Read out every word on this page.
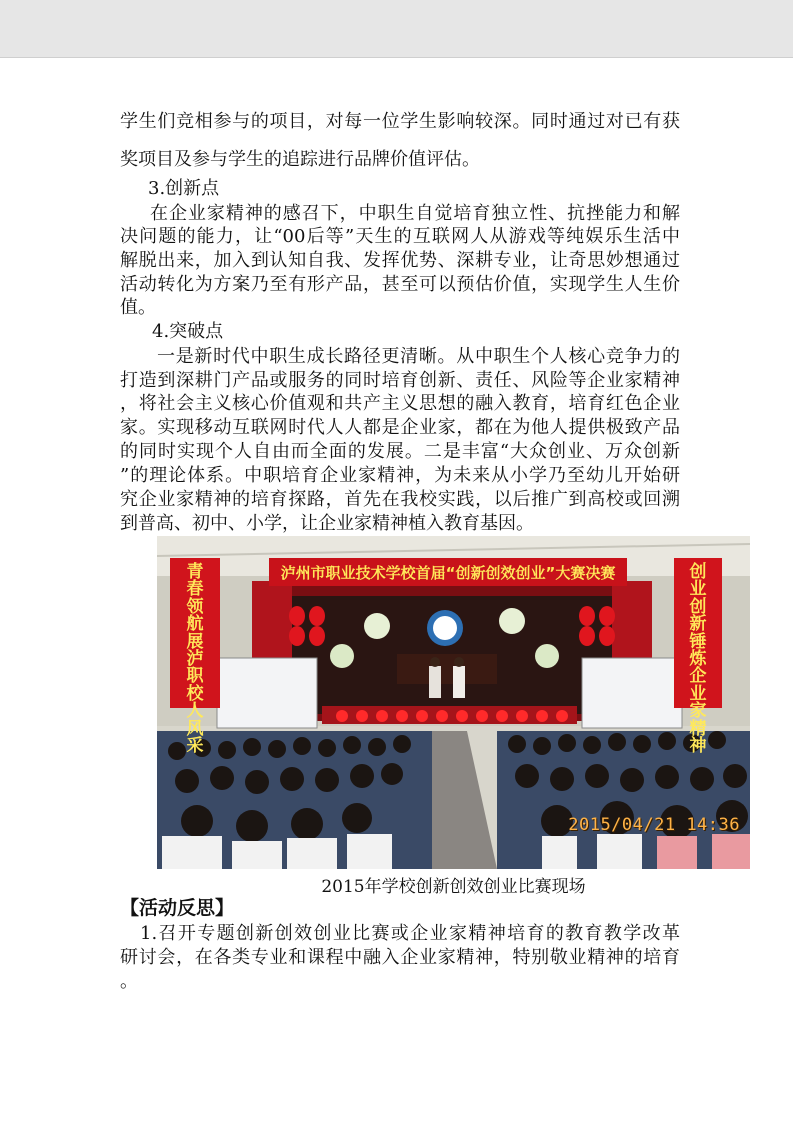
学生们竞相参与的项目，对每一位学生影响较深。同时通过对已有获
奖项目及参与学生的追踪进行品牌价值评估。
3.创新点
在企业家精神的感召下，中职生自觉培育独立性、抗挫能力和解
决问题的能力，让“00后等”天生的互联网人从游戏等纯娱乐生活中
解脱出来，加入到认知自我、发挥优势、深耕专业，让奇思妙想通过
活动转化为方案乃至有形产品，甚至可以预估价值，实现学生人生价
值。
4.突破点
一是新时代中职生成长路径更清晰。从中职生个人核心竞争力的
打造到深耕门产品或服务的同时培育创新、责任、风险等企业家精神
，将社会主义核心价值观和共产主义思想的融入教育，培育红色企业
家。实现移动互联网时代人人都是企业家，都在为他人提供极致产品
的同时实现个人自由而全面的发展。二是丰富“大众创业、万众创新
”的理论体系。中职培育企业家精神，为未来从小学乃至幼儿开始研
究企业家精神的培育探路，首先在我校实践，以后推广到高校或回溯
到普高、初中、小学，让企业家精神植入教育基因。
泸州市职业技术学校首届“创新创效创业”大赛决赛
青春领航展泸职校人风采
创业创新锤炼企业家精神
2015/04/21 14:36
2015年学校创新创效创业比赛现场
【活动反思】
1.召开专题创新创效创业比赛或企业家精神培育的教育教学改革
研讨会，在各类专业和课程中融入企业家精神，特别敬业精神的培育
。
